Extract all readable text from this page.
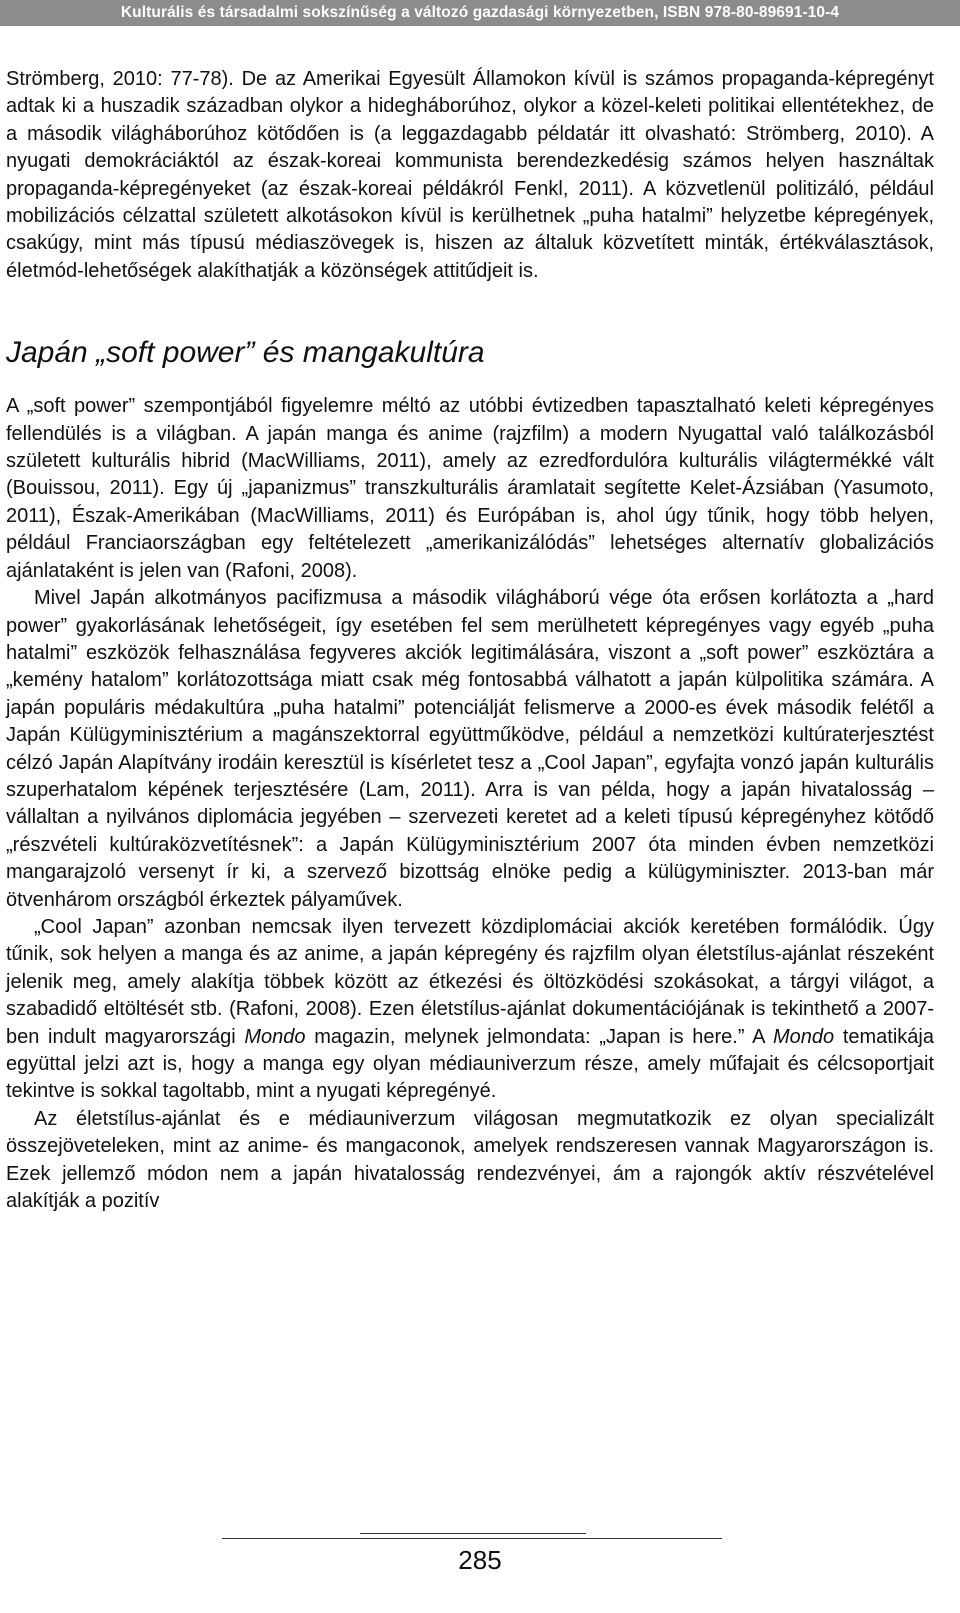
Kulturális és társadalmi sokszínűség a változó gazdasági környezetben, ISBN 978-80-89691-10-4

Strömberg, 2010: 77-78). De az Amerikai Egyesült Államokon kívül is számos propaganda-képregényt adtak ki a huszadik században olykor a hidegháborúhoz, olykor a közel-keleti politikai ellentétekhez, de a második világháborúhoz kötődően is (a leggazdagabb példatár itt olvasható: Strömberg, 2010). A nyugati demokráciáktól az észak-koreai kommunista berendezkedésig számos helyen használtak propaganda-képregényeket (az észak-koreai példákról Fenkl, 2011). A közvetlenül politizáló, például mobilizációs célzattal született alkotásokon kívül is kerülhetnek „puha hatalmi” helyzetbe képregények, csakúgy, mint más típusú médiaszövegek is, hiszen az általuk közvetített minták, értékválasztások, életmód-lehetőségek alakíthatják a közönségek attitűdjeit is.

Japán „soft power” és mangakultúra

A „soft power” szempontjából figyelemre méltó az utóbbi évtizedben tapasztalható keleti képregényes fellendülés is a világban. A japán manga és anime (rajzfilm) a modern Nyugattal való találkozásból született kulturális hibrid (MacWilliams, 2011), amely az ezredfordulóra kulturális világtermékké vált (Bouissou, 2011). Egy új „japanizmus” transzkulturális áramlatait segítette Kelet-Ázsiában (Yasumoto, 2011), Észak-Amerikában (MacWilliams, 2011) és Európában is, ahol úgy tűnik, hogy több helyen, például Franciaországban egy feltételezett „amerikanizálódás” lehetséges alternatív globalizációs ajánlataként is jelen van (Rafoni, 2008).

Mivel Japán alkotmányos pacifizmusa a második világháború vége óta erősen korlátozta a „hard power” gyakorlásának lehetőségeit, így esetében fel sem merülhetett képregényes vagy egyéb „puha hatalmi” eszközök felhasználása fegyveres akciók legitimálására, viszont a „soft power” eszköztára a „kemény hatalom” korlátozottsága miatt csak még fontosabbá válhatott a japán külpolitika számára. A japán populáris médakultúra „puha hatalmi” potenciálját felismerve a 2000-es évek második felétől a Japán Külügyminisztérium a magánszektorral együttműködve, például a nemzetközi kultúraterjesztést célzó Japán Alapítvány irodáin keresztül is kísérletet tesz a „Cool Japan”, egyfajta vonzó japán kulturális szuperhatalom képének terjesztésére (Lam, 2011). Arra is van példa, hogy a japán hivatalosság – vállaltan a nyilvános diplomácia jegyében – szervezeti keretet ad a keleti típusú képregényhez kötődő „részvételi kultúraközvetítésnek”: a Japán Külügyminisztérium 2007 óta minden évben nemzetközi mangarajzoló versenyt ír ki, a szervező bizottság elnöke pedig a külügyminiszter. 2013-ban már ötvenhárom országból érkeztek pályaművek.

„Cool Japan” azonban nemcsak ilyen tervezett közdiplomáciai akciók keretében formálódik. Úgy tűnik, sok helyen a manga és az anime, a japán képregény és rajzfilm olyan életstílus-ajánlat részeként jelenik meg, amely alakítja többek között az étkezési és öltözködési szokásokat, a tárgyi világot, a szabadidő eltöltését stb. (Rafoni, 2008). Ezen életstílus-ajánlat dokumentációjának is tekinthető a 2007-ben indult magyarországi Mondo magazin, melynek jelmondata: „Japan is here.” A Mondo tematikája együttal jelzi azt is, hogy a manga egy olyan médiauniverzum része, amely műfajait és célcsoportjait tekintve is sokkal tagoltabb, mint a nyugati képregényé.

Az életstílus-ajánlat és e médiauniverzum világosan megmutatkozik ez olyan specializált összejöveteleken, mint az anime- és mangaconok, amelyek rendszeresen vannak Magyarországon is. Ezek jellemző módon nem a japán hivatalosság rendezvényei, ám a rajongók aktív részvételével alakítják a pozitív

285
